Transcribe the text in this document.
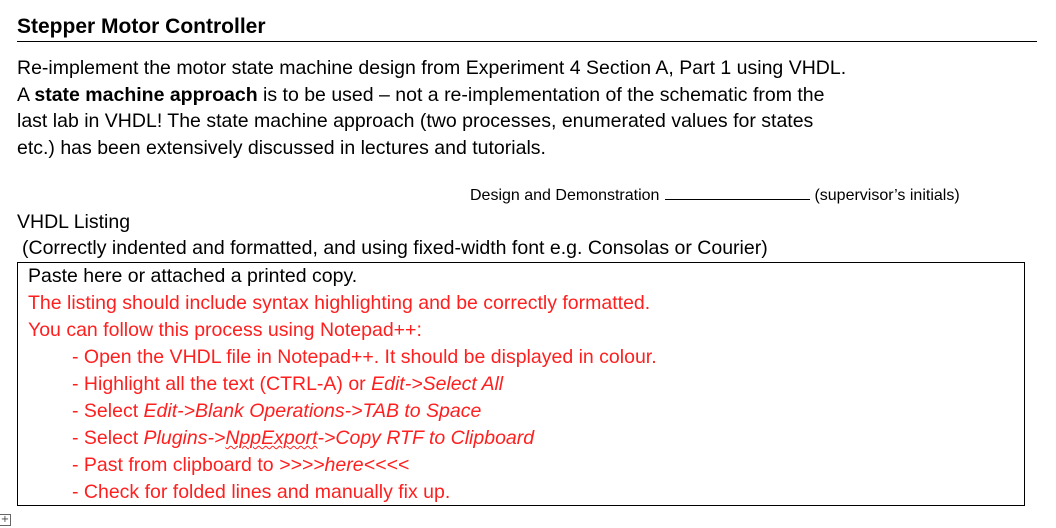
Stepper Motor Controller
Re-implement the motor state machine design from Experiment 4 Section A, Part 1 using VHDL.
A state machine approach is to be used – not a re-implementation of the schematic from the
last lab in VHDL! The state machine approach (two processes, enumerated values for states
etc.) has been extensively discussed in lectures and tutorials.
Design and Demonstration	(supervisor’s initials)
VHDL Listing
(Correctly indented and formatted, and using fixed-width font e.g. Consolas or Courier)
Paste here or attached a printed copy.
The listing should include syntax highlighting and be correctly formatted.
You can follow this process using Notepad++:
- Open the VHDL file in Notepad++. It should be displayed in colour.
- Highlight all the text (CTRL-A) or Edit->Select All
- Select Edit->Blank Operations->TAB to Space
- Select Plugins->NppExport->Copy RTF to Clipboard
- Past from clipboard to >>>>here<<<<
- Check for folded lines and manually fix up.
+
